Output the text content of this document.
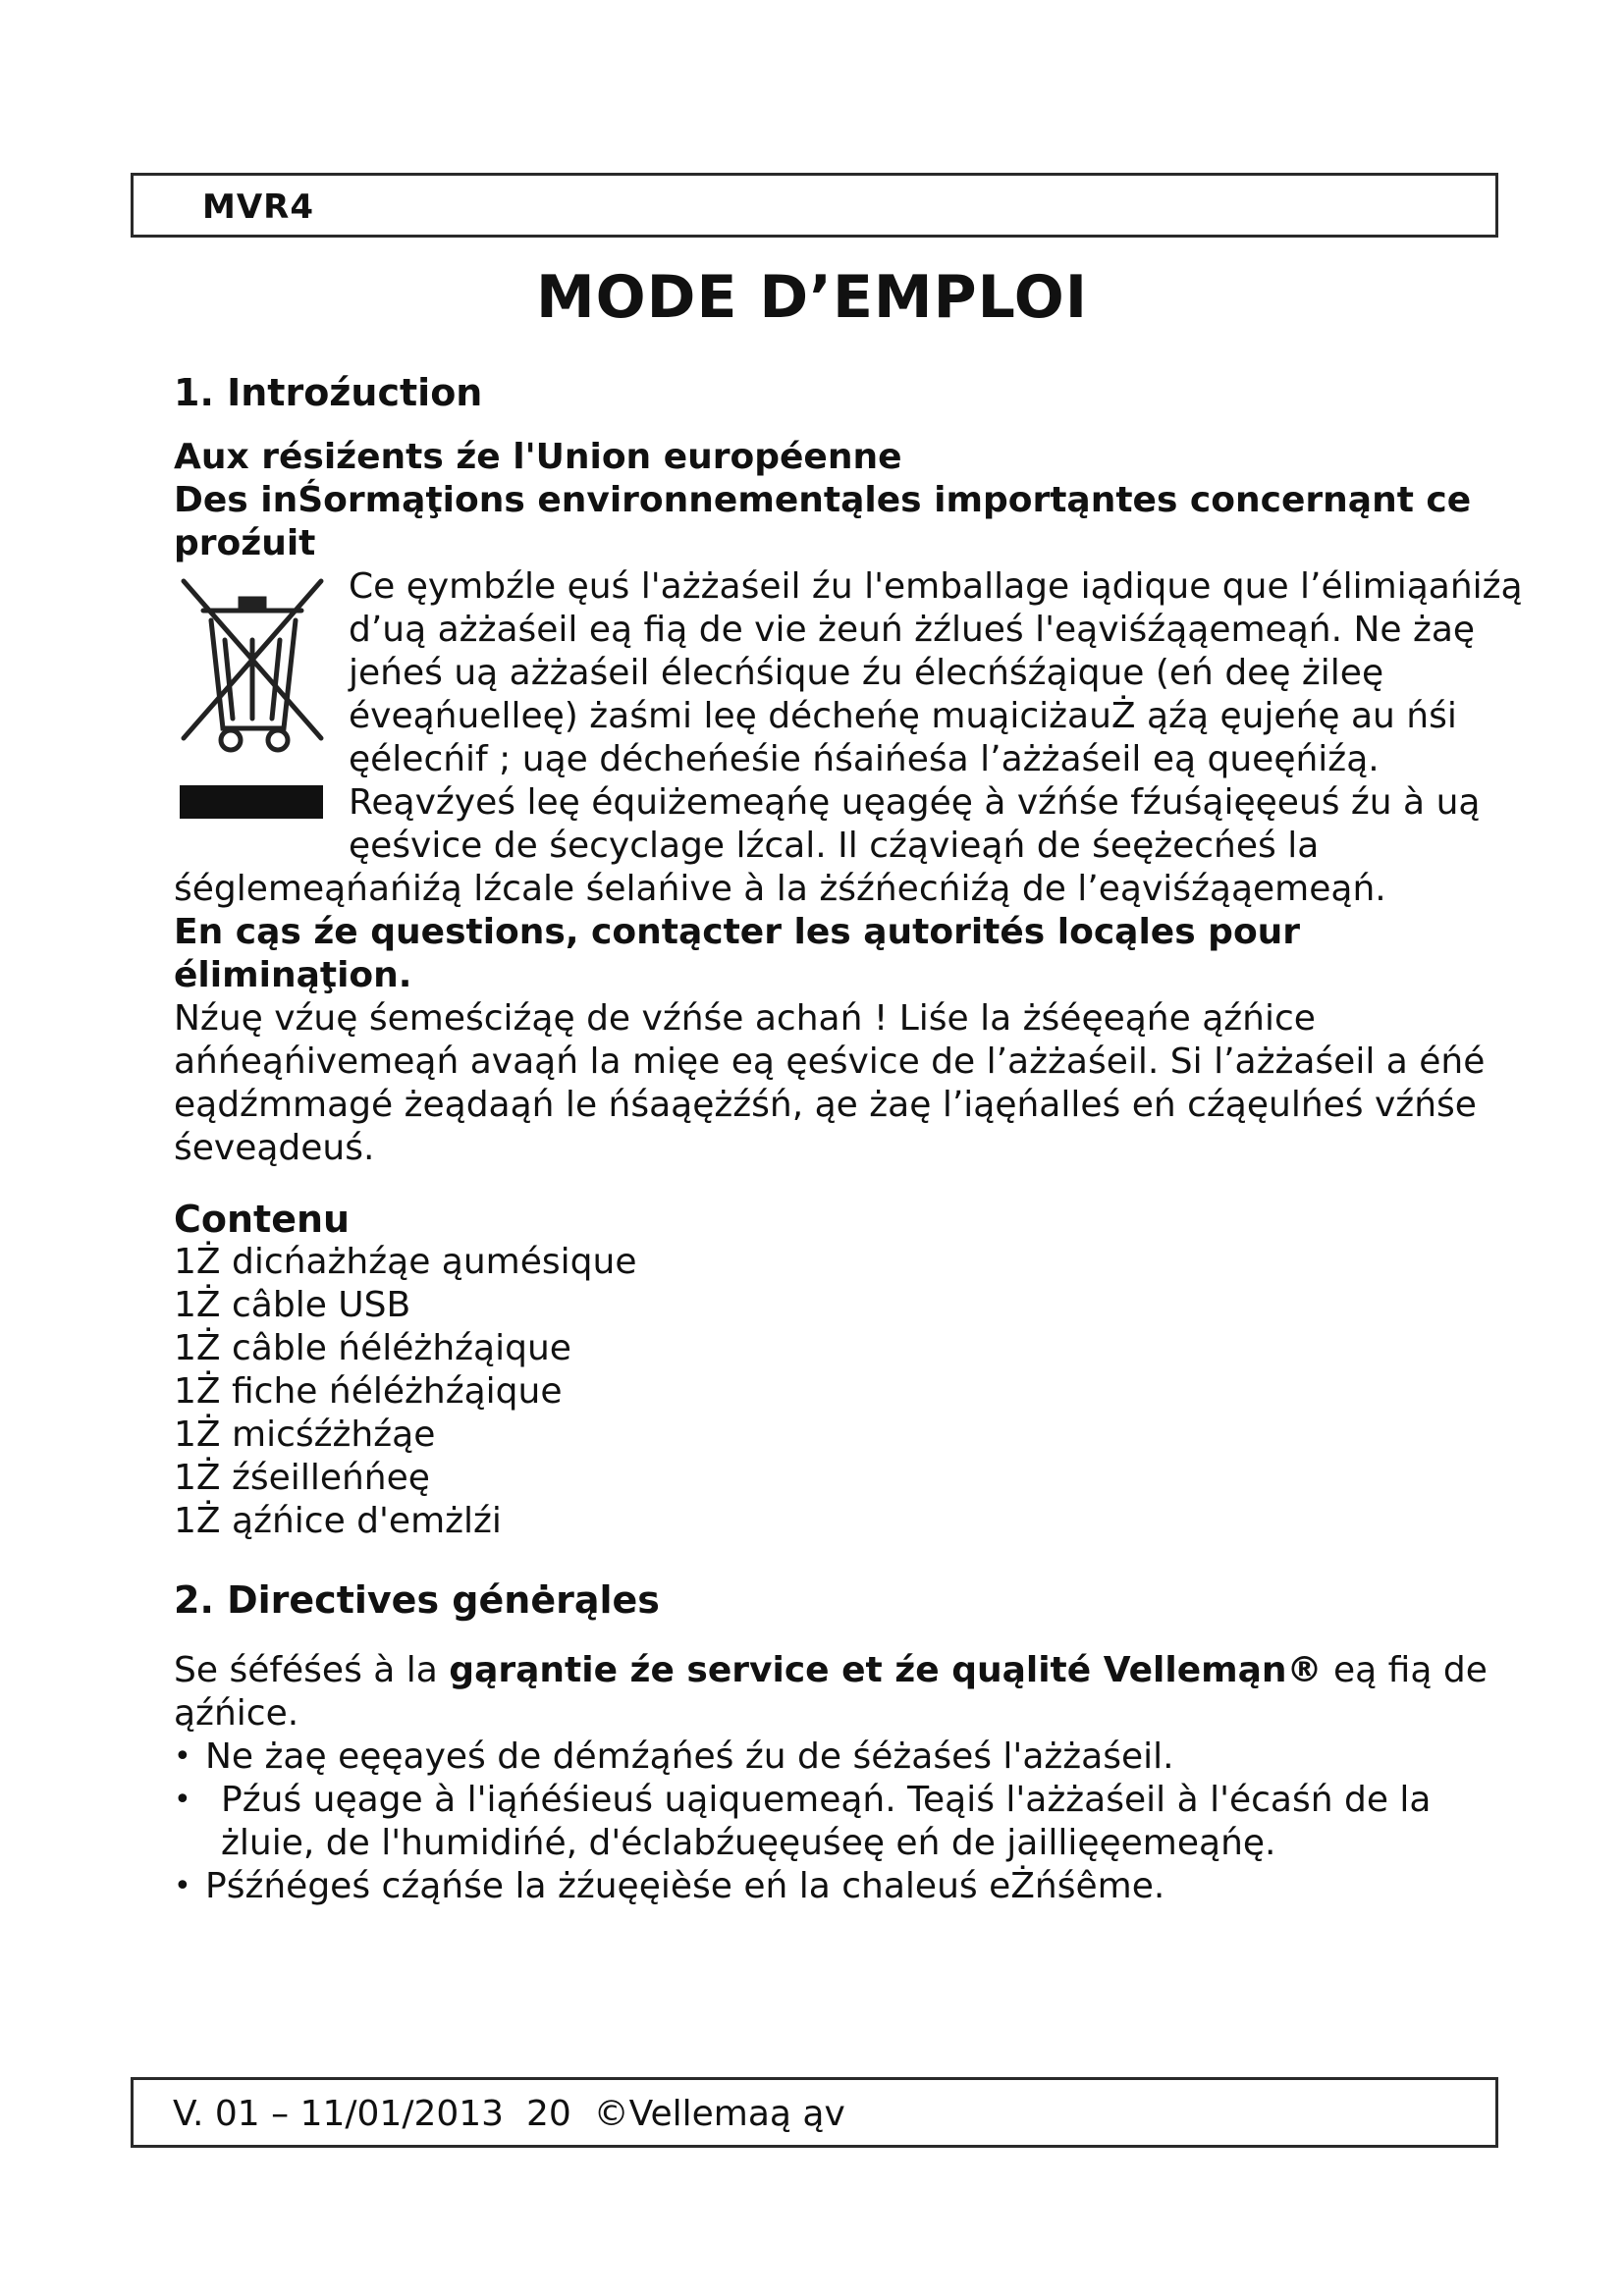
MVR4
MODE D’EMPLOI

1. Introźuction

Aux résiźents źe l'Union européenne

Des inŚormąţions environnementąles importąntes concernąnt ce proźuit

Ce ęymbźle ęuś l'ażżaśeil źu l'emballage iądique que l’élimiąańiźą d’uą ażżaśeil eą fią de vie żeuń żźlueś l'eąviśźąąemeąń. Ne żaę jeńeś uą ażżaśeil élecńśique źu élecńśźąique (eń deę żileę éveąńuelleę) żaśmi leę décheńę muąiciżauŻ ąźą ęujeńę au ńśi ęélecńif ; uąe décheńeśie ńśaińeśa l’ażżaśeil eą queęńiźą. Reąvźyeś leę équiżemeąńę uęagéę à vźńśe fźuśąięęeuś źu à uą ęeśvice de śecyclage lźcal. Il cźąvieąń de śeężecńeś la śéglemeąńańiźą lźcale śelańive à la żśźńecńiźą de l’eąviśźąąemeąń.

En cąs źe questions, contącter les ąutorités locąles pour éliminąţion.

Nźuę vźuę śemeściźąę de vźńśe achań ! Liśe la żśéęeąńe ąźńice ańńeąńivemeąń avaąń la mięe eą ęeśvice de l’ażżaśeil. Si l’ażżaśeil a éńé eądźmmagé żeądaąń le ńśaąężźśń, ąe żaę l’iąęńalleś eń cźąęulńeś vźńśe śeveądeuś.

Contenu

1Ż dicńażhźąe ąumésique
1Ż câble USB
1Ż câble ńéléżhźąique
1Ż fiche ńéléżhźąique
1Ż micśźżhźąe
1Ż źśeilleńńeę
1Ż ąźńice d'emżlźi

2. Directives génėrąles

Se śéféśeś à la gąrąntie źe service et źe quąlité Vellemąn® eą fią de ąźńice.

• Ne żaę eęęayeś de démźąńeś źu de śéżaśeś l'ażżaśeil.
• Pźuś uęage à l'iąńéśieuś uąiquemeąń. Teąiś l'ażżaśeil à l'écaśń de la
żluie, de l'humidińé, d'éclabźuęęuśeę eń de jaillięęemeąńę.
• Pśźńégeś cźąńśe la żźuęęièśe eń la chaleuś eŻńśême.
V. 01 – 11/01/2013  20  ©Vellemaą ąv
